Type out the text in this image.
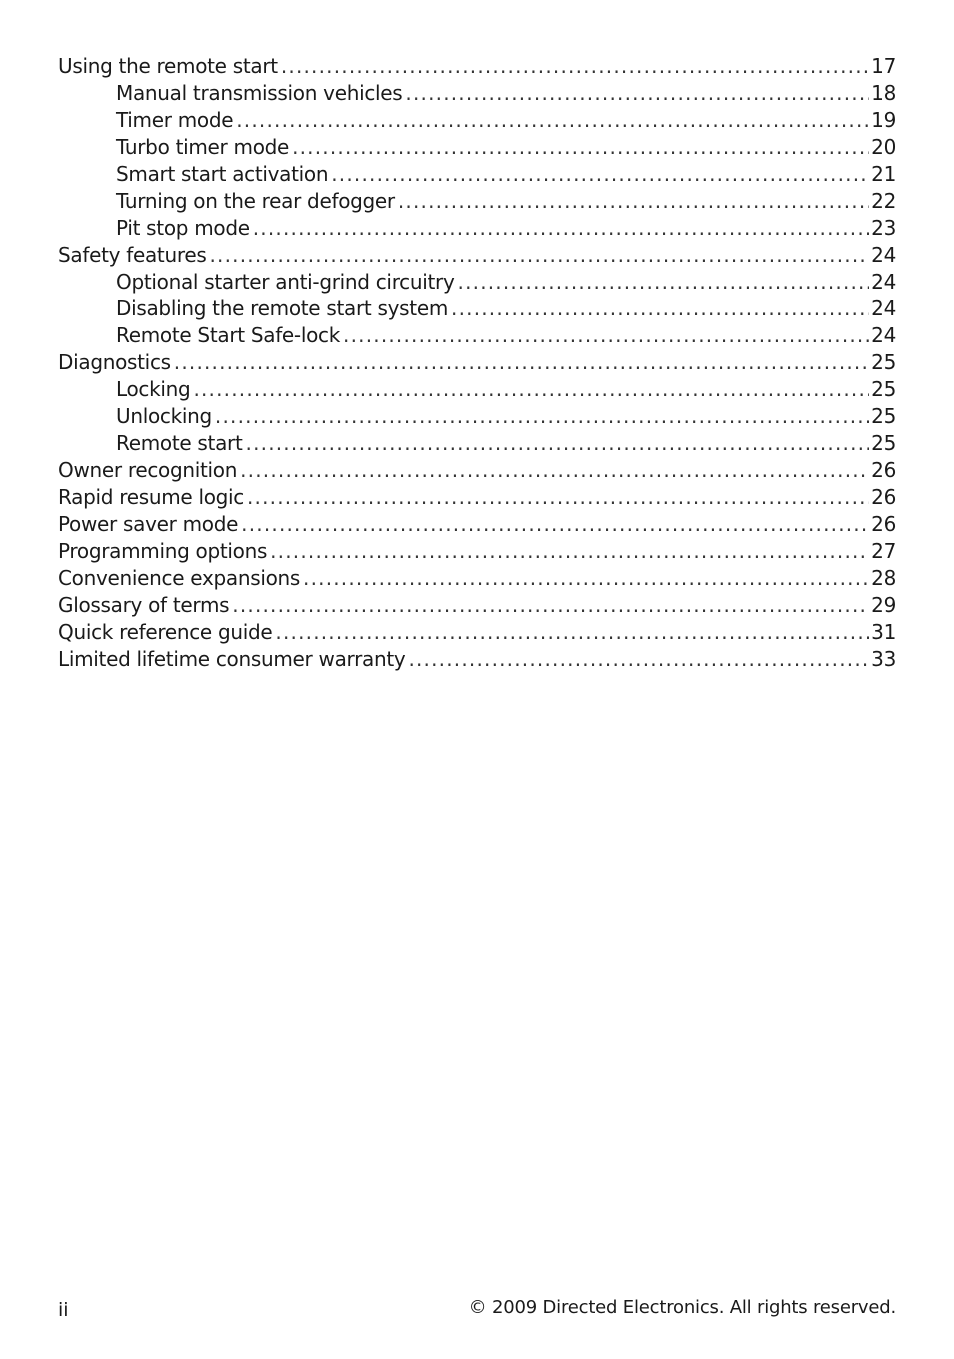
Using the remote start .....	17
Manual transmission vehicles .....	18
Timer mode .....	19
Turbo timer mode .....	20
Smart start activation .....	21
Turning on the rear defogger .....	22
Pit stop mode .....	23
Safety features .....	24
Optional starter anti-grind circuitry .....	24
Disabling the remote start system .....	24
Remote Start Safe-lock .....	24
Diagnostics .....	25
Locking .....	25
Unlocking .....	25
Remote start .....	25
Owner recognition .....	26
Rapid resume logic .....	26
Power saver mode .....	26
Programming options .....	27
Convenience expansions .....	28
Glossary of terms .....	29
Quick reference guide .....	31
Limited lifetime consumer warranty .....	33
ii	© 2009 Directed Electronics. All rights reserved.
